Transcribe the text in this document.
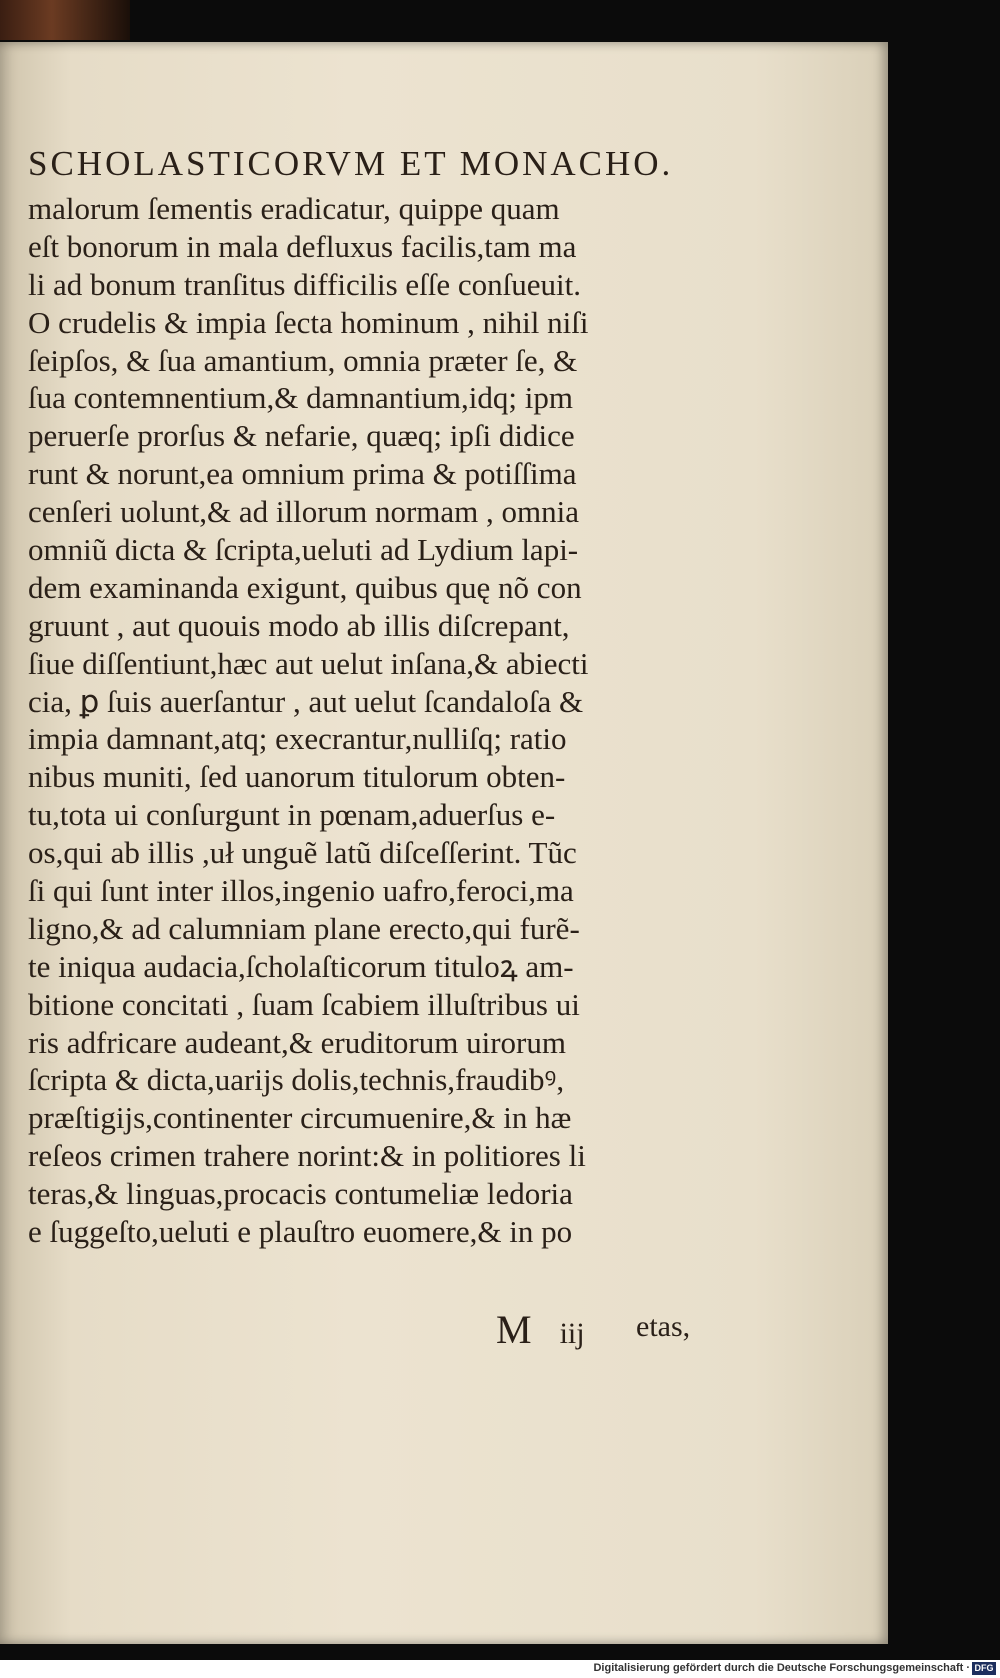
SCHOLASTICORVM ET MONACHO.
malorum ſementis eradicatur, quippe quam
eſt bonorum in mala defluxus facilis,tam ma
li ad bonum tranſitus difficilis eſſe conſueuit.
O crudelis & impia ſecta hominum , nihil niſi
ſeipſos, & ſua amantium, omnia præter ſe, &
ſua contemnentium,& damnantium,idq; ipm
peruerſe prorſus & nefarie, quæq; ipſi didice
runt & norunt,ea omnium prima & potiſſima
cenſeri uolunt,& ad illorum normam , omnia
omniũ dicta & ſcripta,ueluti ad Lydium lapi-
dem examinanda exigunt, quibus quę nõ con
gruunt , aut quouis modo ab illis diſcrepant,
ſiue diſſentiunt,hæc aut uelut inſana,& abiecti
cia, ꝑ ſuis auerſantur , aut uelut ſcandaloſa &
impia damnant,atq; execrantur,nulliſq; ratio
nibus muniti, ſed uanorum titulorum obten-
tu,tota ui conſurgunt in pœnam,aduerſus e-
os,qui ab illis ,uł unguẽ latũ diſceſſerint. Tũc
ſi qui ſunt inter illos,ingenio uafro,feroci,ma
ligno,& ad calumniam plane erecto,qui furẽ-
te iniqua audacia,ſcholaſticorum tituloꝝ am-
bitione concitati , ſuam ſcabiem illuſtribus ui
ris adfricare audeant,& eruditorum uirorum
ſcripta & dicta,uarijs dolis,technis,fraudibꝰ,
præſtigijs,continenter circumuenire,& in hæ
reſeos crimen trahere norint:& in politiores li
teras,& linguas,procacis contumeliæ ledoria
e ſuggeſto,ueluti e plauſtro euomere,& in po
M iij etas,
Digitalisierung gefördert durch die Deutsche Forschungsgemeinschaft · DFG
